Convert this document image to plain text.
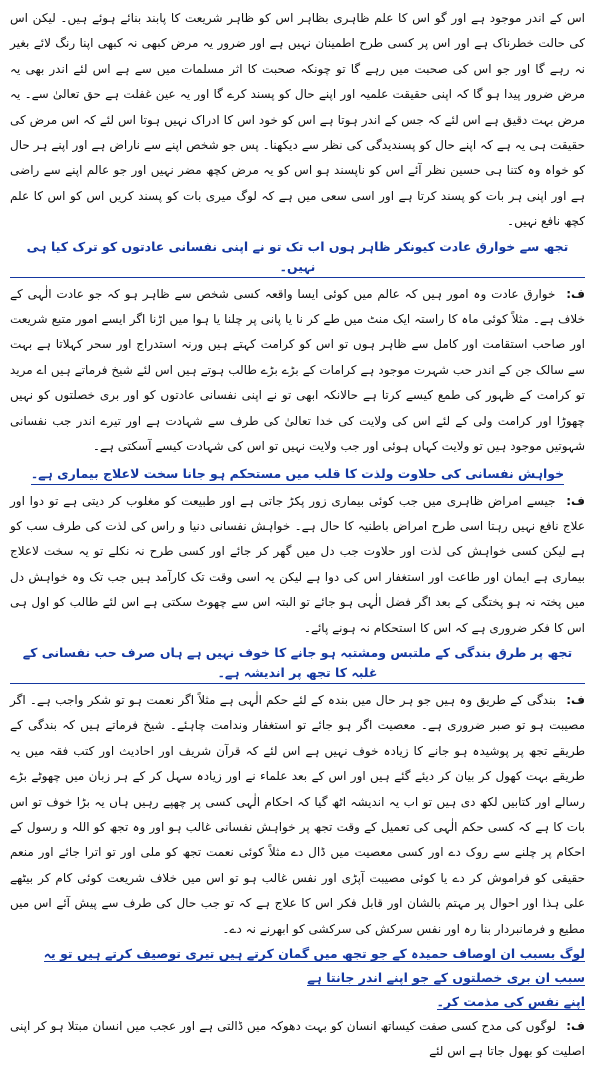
اس کے اندر موجود ہے اور گو اس کا علم ظاہری بظاہر اس کو ظاہر شریعت کا پابند بنائے ہوئے ہیں۔ لیکن اس کی حالت خطرناک ہے اور اس پر کسی طرح اطمینان نہیں ہے اور ضرور یہ مرض کبھی نہ کبھی اپنا رنگ لائے بغیر نہ رہے گا اور جو اس کی صحبت میں رہے گا تو چونکہ صحبت کا اثر مسلمات میں سے ہے اس لئے اندر بھی یہ مرض ضرور پیدا ہو گا کہ اپنی حقیقت علمیہ اور اپنے حال کو پسند کرے گا اور یہ عین غفلت ہے حق تعالیٰ سے۔ یہ مرض بہت دقیق ہے اس لئے کہ جس کے اندر ہوتا ہے اس کو خود اس کا ادراک نہیں ہوتا اس لئے کہ اس مرض کی حقیقت ہی یہ ہے کہ اپنے حال کو پسندیدگی کی نظر سے دیکھنا۔ پس جو شخص اپنے سے ناراض ہے اور اپنے ہر حال کو خواہ وہ کتنا ہی حسین نظر آئے اس کو ناپسند ہو اس کو یہ مرض کچھ مضر نہیں اور جو عالم اپنے سے راضی ہے اور اپنی ہر بات کو پسند کرتا ہے اور اسی سعی میں ہے کہ لوگ میری بات کو پسند کریں اس کو اس کا علم کچھ نافع نہیں۔

تجھ سے خوارق عادت کیونکر ظاہر ہوں اب تک تو نے اپنی نفسانی عادتوں کو ترک کیا ہی نہیں۔

ف: خوارق عادت وہ امور ہیں کہ عالم میں کوئی ایسا واقعہ کسی شخص سے ظاہر ہو کہ جو عادت الٰہی کے خلاف ہے۔ مثلاً کوئی ماہ کا راستہ ایک منٹ میں طے کر نا یا پانی پر چلنا یا ہوا میں اڑنا اگر ایسے امور متبع شریعت اور صاحب استقامت اور کامل سے ظاہر ہوں تو اس کو کرامت کہتے ہیں ورنہ استدراج اور سحر کہلاتا ہے بہت سے سالک جن کے اندر حب شہرت موجود ہے کرامات کے بڑے بڑے طالب ہوتے ہیں اس لئے شیخ فرماتے ہیں اے مرید تو کرامت کے ظہور کی طمع کیسے کرتا ہے حالانکہ ابھی تو نے اپنی نفسانی عادتوں کو اور بری خصلتوں کو نہیں چھوڑا اور کرامت ولی کے لئے اس کی ولایت کی خدا تعالیٰ کی طرف سے شہادت ہے اور تیرے اندر جب نفسانی شہوتیں موجود ہیں تو ولایت کہاں ہوئی اور جب ولایت نہیں تو اس کی شہادت کیسے آسکتی ہے۔

خواہش نفسانی کی حلاوت ولذت کا قلب میں مستحکم ہو جانا سخت لاعلاج بیماری ہے۔

ف: جیسے امراض ظاہری میں جب کوئی بیماری زور پکڑ جاتی ہے اور طبیعت کو مغلوب کر دیتی ہے تو دوا اور علاج نافع نہیں رہتا اسی طرح امراض باطنیہ کا حال ہے۔ خواہش نفسانی دنیا و راس کی لذت کی طرف سب کو ہے لیکن کسی خواہش کی لذت اور حلاوت جب دل میں گھر کر جائے اور کسی طرح نہ نکلے تو یہ سخت لاعلاج بیماری ہے ایمان اور طاعت اور استغفار اس کی دوا ہے لیکن یہ اسی وقت تک کارآمد ہیں جب تک وہ خواہش دل میں پختہ نہ ہو پختگی کے بعد اگر فضل الٰہی ہو جائے تو البتہ اس سے چھوٹ سکتی ہے اس لئے طالب کو اول ہی اس کا فکر ضروری ہے کہ اس کا استحکام نہ ہونے پائے۔

تجھ پر طرق بندگی کے ملتبس ومشتبہ ہو جانے کا خوف نہیں ہے ہاں صرف حب نفسانی کے غلبہ کا تجھ پر اندیشہ ہے۔

ف: بندگی کے طریق وہ ہیں جو ہر حال میں بندہ کے لئے حکم الٰہی ہے مثلاً اگر نعمت ہو تو شکر واجب ہے۔ اگر مصیبت ہو تو صبر ضروری ہے۔ معصیت اگر ہو جائے تو استغفار وندامت چاہئے۔ شیخ فرماتے ہیں کہ بندگی کے طریقے تجھ پر پوشیدہ ہو جانے کا زیادہ خوف نہیں ہے اس لئے کہ قرآن شریف اور احادیث اور کتب فقہ میں یہ طریقے بہت کھول کر بیان کر دیئے گئے ہیں اور اس کے بعد علماء نے اور زیادہ سہل کر کے ہر زبان میں چھوٹے بڑے رسالے اور کتابیں لکھ دی ہیں تو اب یہ اندیشہ اٹھ گیا کہ احکام الٰہی کسی پر چھپے رہیں ہاں یہ بڑا خوف تو اس بات کا ہے کہ کسی حکم الٰہی کی تعمیل کے وقت تجھ پر خواہش نفسانی غالب ہو اور وہ تجھ کو اللہ و رسول کے احکام پر چلنے سے روک دے اور کسی معصیت میں ڈال دے مثلاً کوئی نعمت تجھ کو ملی اور تو اترا جائے اور منعم حقیقی کو فراموش کر دے یا کوئی مصیبت آپڑی اور نفس غالب ہو تو اس میں خلاف شریعت کوئی کام کر بیٹھے علی ہذا اور احوال پر مہتم بالشان اور قابل فکر اس کا علاج ہے کہ تو جب حال کی طرف سے پیش آئے اس میں مطیع و فرمانبردار بنا رہ اور نفس سرکش کی سرکشی کو ابھرنے نہ دے۔

لوگ بسبب ان اوصاف حمیدہ کے جو تجھ میں گمان کرتے ہیں تیری توصیف کرتے ہیں تو یہ سبب ان بری خصلتوں کے جو اپنے اندر جانتا ہے

اپنے نفس کی مذمت کر۔

ف: لوگوں کی مدح کسی صفت کیساتھ انسان کو بہت دھوکہ میں ڈالتی ہے اور عجب میں انسان مبتلا ہو کر اپنی اصلیت کو بھول جاتا ہے اس لئے
